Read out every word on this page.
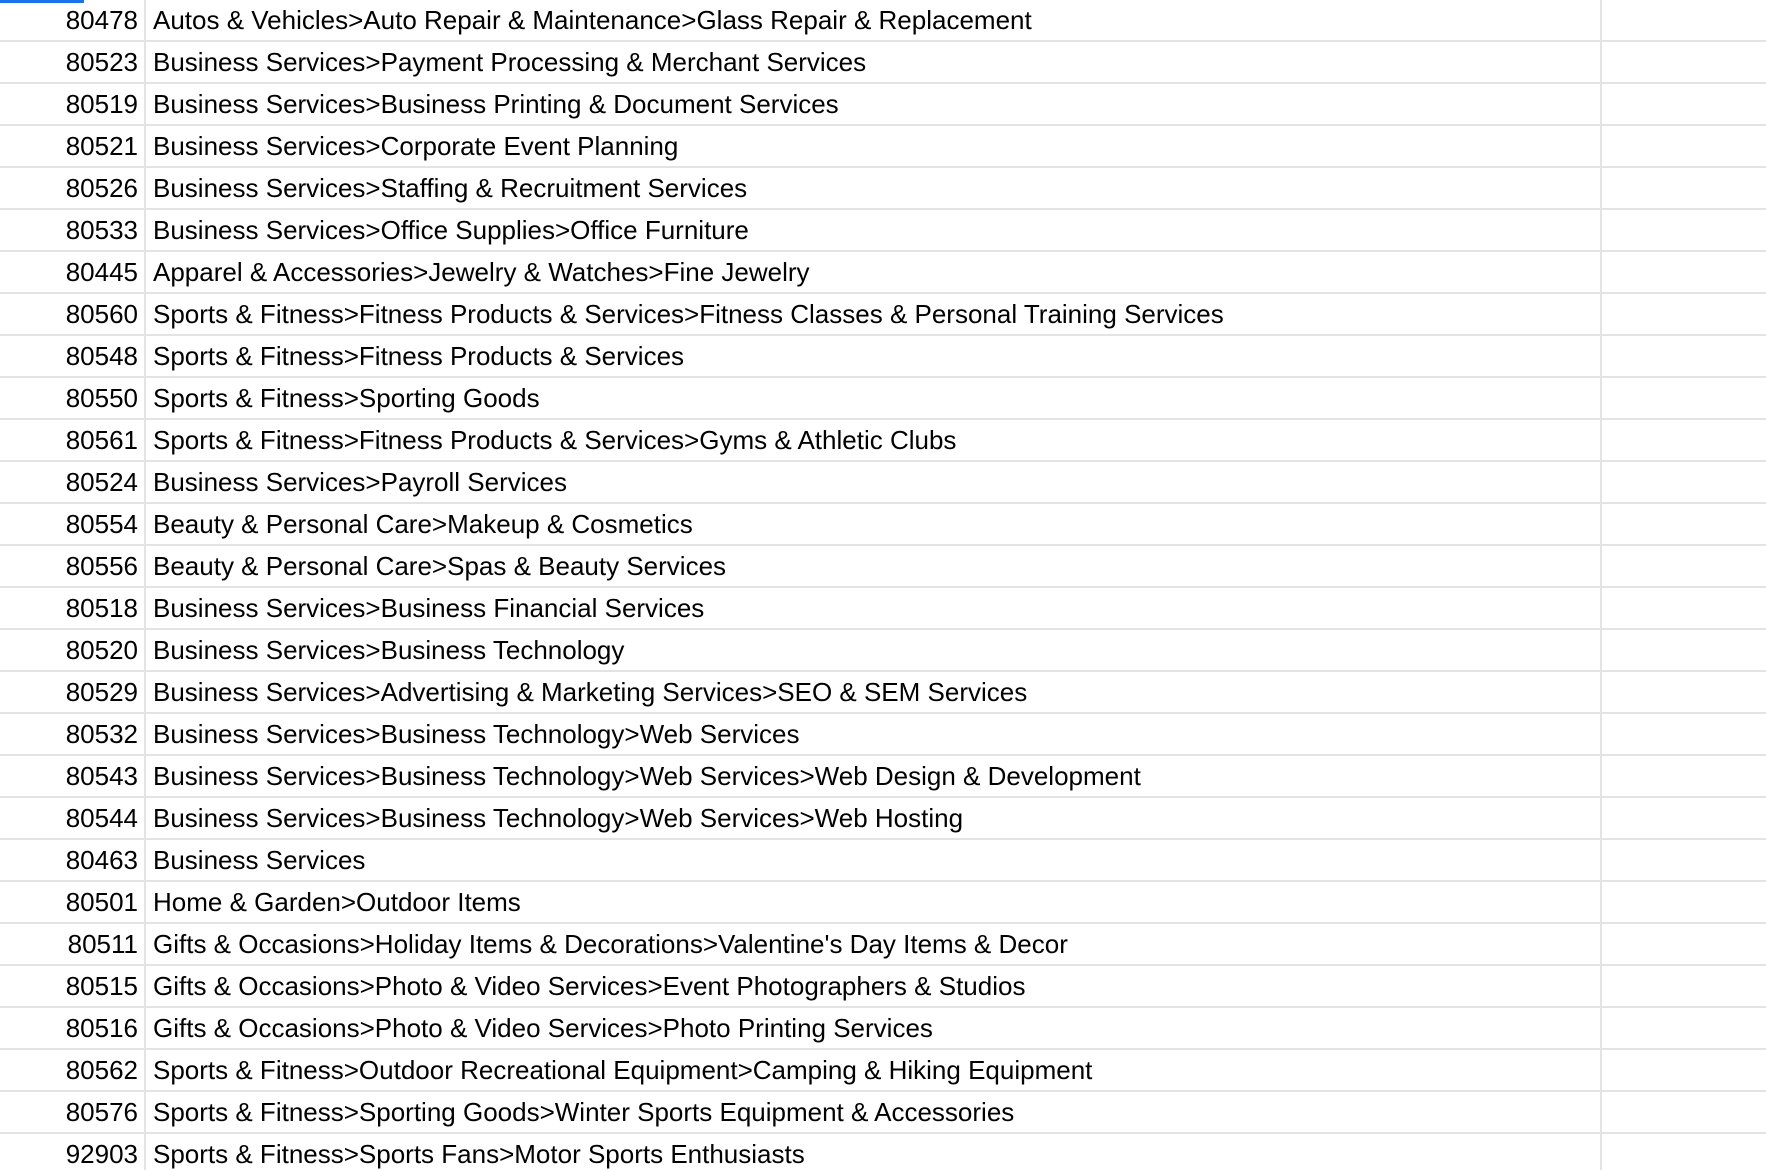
80478 Autos & Vehicles>Auto Repair & Maintenance>Glass Repair & Replacement
80523 Business Services>Payment Processing & Merchant Services
80519 Business Services>Business Printing & Document Services
80521 Business Services>Corporate Event Planning
80526 Business Services>Staffing & Recruitment Services
80533 Business Services>Office Supplies>Office Furniture
80445 Apparel & Accessories>Jewelry & Watches>Fine Jewelry
80560 Sports & Fitness>Fitness Products & Services>Fitness Classes & Personal Training Services
80548 Sports & Fitness>Fitness Products & Services
80550 Sports & Fitness>Sporting Goods
80561 Sports & Fitness>Fitness Products & Services>Gyms & Athletic Clubs
80524 Business Services>Payroll Services
80554 Beauty & Personal Care>Makeup & Cosmetics
80556 Beauty & Personal Care>Spas & Beauty Services
80518 Business Services>Business Financial Services
80520 Business Services>Business Technology
80529 Business Services>Advertising & Marketing Services>SEO & SEM Services
80532 Business Services>Business Technology>Web Services
80543 Business Services>Business Technology>Web Services>Web Design & Development
80544 Business Services>Business Technology>Web Services>Web Hosting
80463 Business Services
80501 Home & Garden>Outdoor Items
80511 Gifts & Occasions>Holiday Items & Decorations>Valentine's Day Items & Decor
80515 Gifts & Occasions>Photo & Video Services>Event Photographers & Studios
80516 Gifts & Occasions>Photo & Video Services>Photo Printing Services
80562 Sports & Fitness>Outdoor Recreational Equipment>Camping & Hiking Equipment
80576 Sports & Fitness>Sporting Goods>Winter Sports Equipment & Accessories
92903 Sports & Fitness>Sports Fans>Motor Sports Enthusiasts
